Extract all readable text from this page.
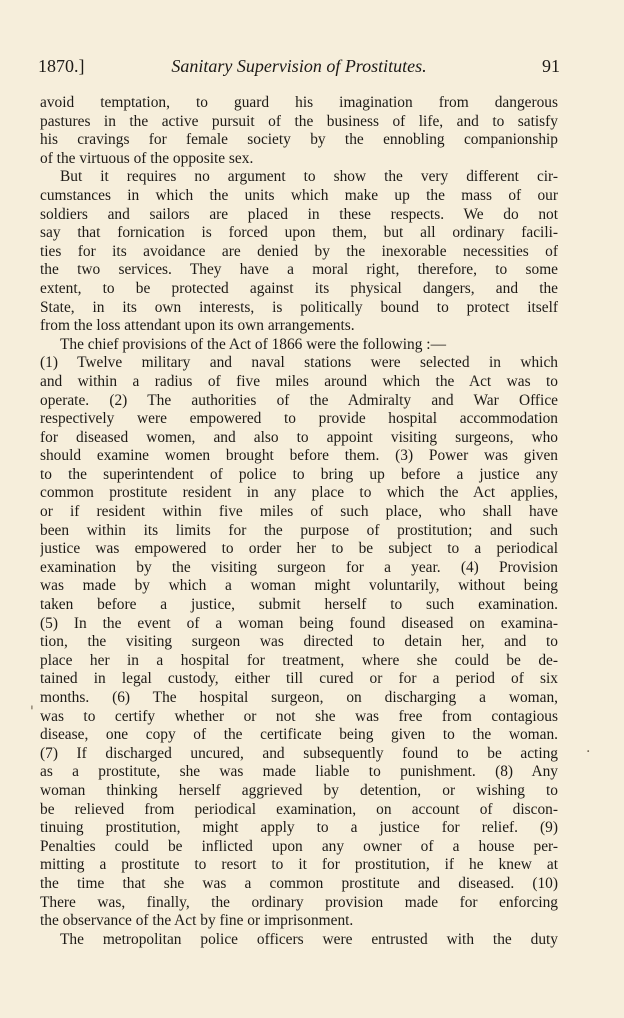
1870.]	Sanitary Supervision of Prostitutes.	91
avoid temptation, to guard his imagination from dangerous
pastures in the active pursuit of the business of life, and to satisfy
his cravings for female society by the ennobling companionship
of the virtuous of the opposite sex.
But it requires no argument to show the very different cir-
cumstances in which the units which make up the mass of our
soldiers and sailors are placed in these respects. We do not
say that fornication is forced upon them, but all ordinary facili-
ties for its avoidance are denied by the inexorable necessities of
the two services. They have a moral right, therefore, to some
extent, to be protected against its physical dangers, and the
State, in its own interests, is politically bound to protect itself
from the loss attendant upon its own arrangements.
The chief provisions of the Act of 1866 were the following :—
(1) Twelve military and naval stations were selected in which
and within a radius of five miles around which the Act was to
operate. (2) The authorities of the Admiralty and War Office
respectively were empowered to provide hospital accommodation
for diseased women, and also to appoint visiting surgeons, who
should examine women brought before them. (3) Power was given
to the superintendent of police to bring up before a justice any
common prostitute resident in any place to which the Act applies,
or if resident within five miles of such place, who shall have
been within its limits for the purpose of prostitution; and such
justice was empowered to order her to be subject to a periodical
examination by the visiting surgeon for a year. (4) Provision
was made by which a woman might voluntarily, without being
taken before a justice, submit herself to such examination.
(5) In the event of a woman being found diseased on examina-
tion, the visiting surgeon was directed to detain her, and to
place her in a hospital for treatment, where she could be de-
tained in legal custody, either till cured or for a period of six
months. (6) The hospital surgeon, on discharging a woman,
was to certify whether or not she was free from contagious
disease, one copy of the certificate being given to the woman.
(7) If discharged uncured, and subsequently found to be acting
as a prostitute, she was made liable to punishment. (8) Any
woman thinking herself aggrieved by detention, or wishing to
be relieved from periodical examination, on account of discon-
tinuing prostitution, might apply to a justice for relief. (9)
Penalties could be inflicted upon any owner of a house per-
mitting a prostitute to resort to it for prostitution, if he knew at
the time that she was a common prostitute and diseased. (10)
There was, finally, the ordinary provision made for enforcing
the observance of the Act by fine or imprisonment.
The metropolitan police officers were entrusted with the duty
'
·
